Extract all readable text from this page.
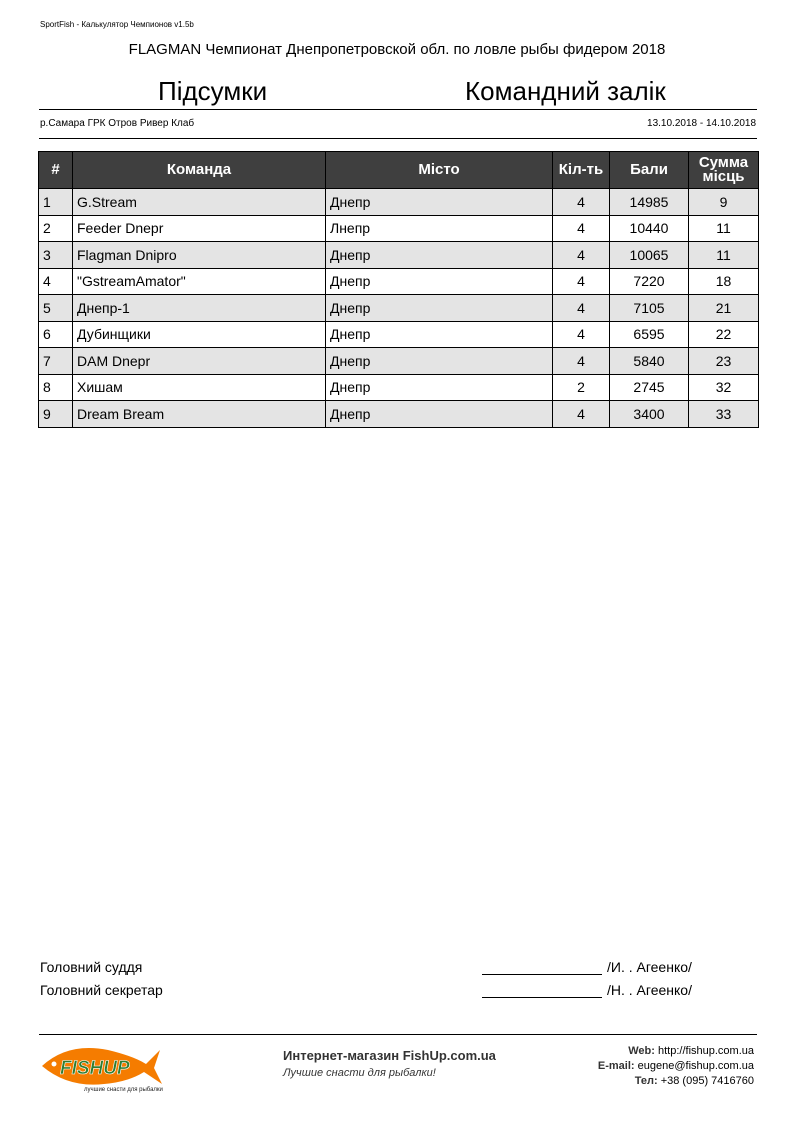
SportFish - Калькулятор Чемпионов v1.5b
FLAGMAN Чемпионат Днепропетровской обл. по ловле рыбы фидером 2018
Підсумки	Командний залік
р.Самара ГРК Отров Ривер Клаб	13.10.2018 - 14.10.2018
#	Команда	Місто	Кіл-ть	Бали	Сумма місць
1	G.Stream	Днепр	4	14985	9
2	Feeder Dnepr	Лнепр	4	10440	11
3	Flagman Dnipro	Днепр	4	10065	11
4	"GstreamAmator"	Днепр	4	7220	18
5	Днепр-1	Днепр	4	7105	21
6	Дубинщики	Днепр	4	6595	22
7	DAM Dnepr	Днепр	4	5840	23
8	Хишам	Днепр	2	2745	32
9	Dream Bream	Днепр	4	3400	33
Головний суддя	/И. . Агеенко/
Головний секретар	/Н. . Агеенко/
FISHUP
лучшие снасти для рыбалки
Интернет-магазин FishUp.com.ua
Лучшие снасти для рыбалки!
Web: http://fishup.com.ua
E-mail: eugene@fishup.com.ua
Тел: +38 (095) 7416760
